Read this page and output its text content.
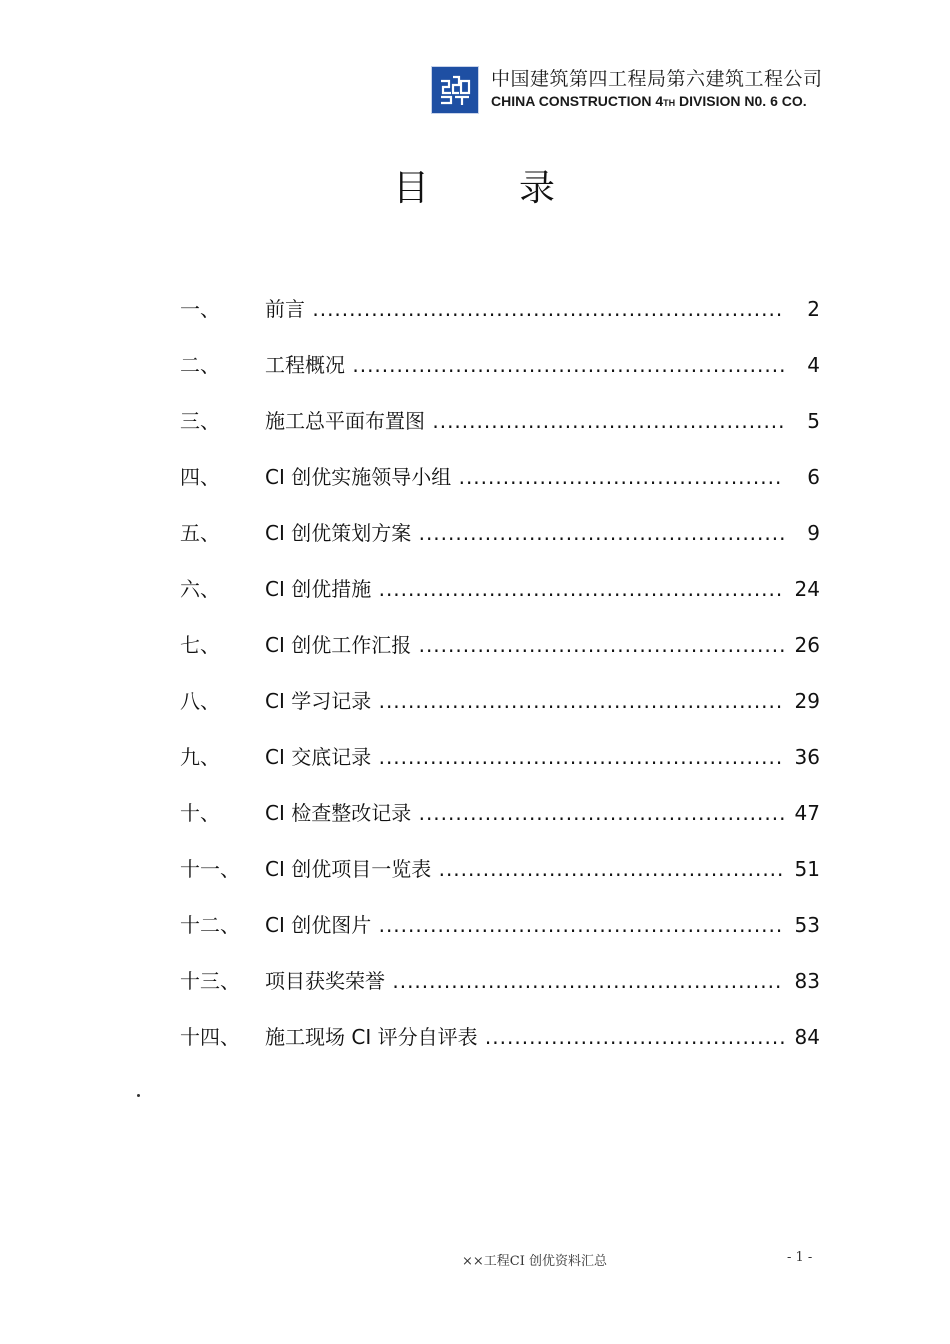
中国建筑第四工程局第六建筑工程公司
CHINA CONSTRUCTION 4TH DIVISION N0. 6 CO.
目 录
一、 前言 .....	2
二、 工程概况 .....	4
三、 施工总平面布置图 .....	5
四、 CI 创优实施领导小组 .....	6
五、 CI 创优策划方案 .....	9
六、 CI 创优措施 .....	24
七、 CI 创优工作汇报 .....	26
八、 CI 学习记录 .....	29
九、 CI 交底记录 .....	36
十、 CI 检查整改记录 .....	47
十一、 CI 创优项目一览表 .....	51
十二、 CI 创优图片 .....	53
十三、 项目获奖荣誉 .....	83
十四、 施工现场 CI 评分自评表 .....	84
××工程CI 创优资料汇总	- 1 -
